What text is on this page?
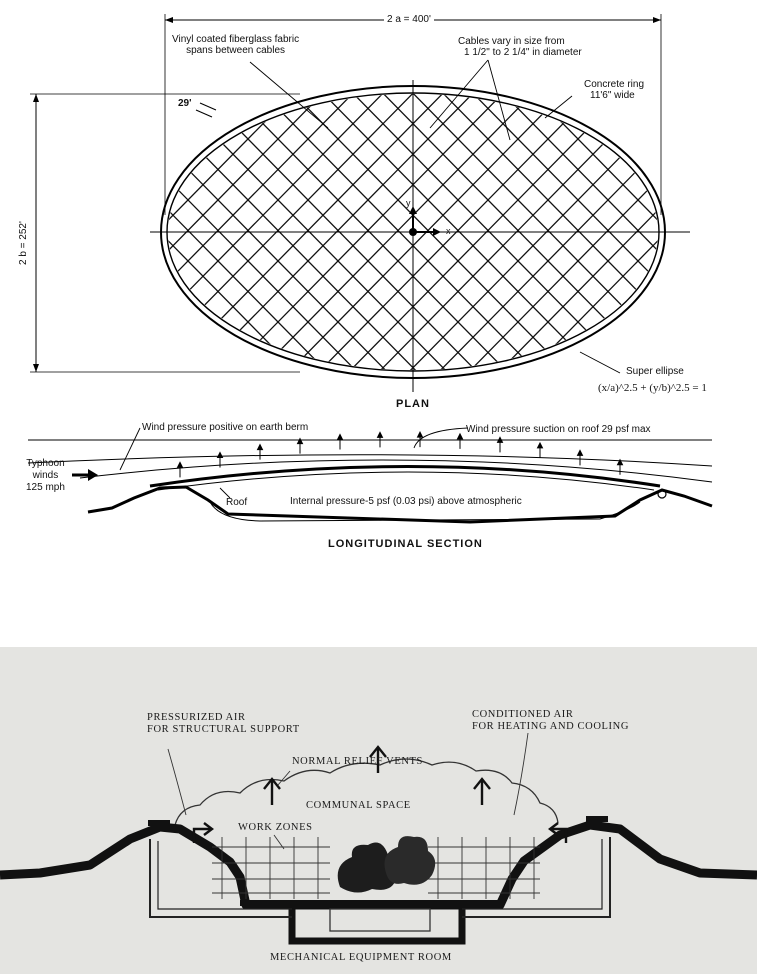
2 a = 400'
2 b = 252'
Vinyl coated fiberglass fabric
spans between cables
Cables vary in size from
1 1/2" to 2 1/4" in diameter
Concrete ring
11'6" wide
29'
y
x
PLAN
Super ellipse
(x/a)^2.5 + (y/b)^2.5 = 1
Wind pressure positive on earth berm	Wind pressure suction on roof 29 psf max
Typhoon
winds
125 mph
Roof	Internal pressure-5 psf (0.03 psi) above atmospheric
LONGITUDINAL SECTION
PRESSURIZED AIR
FOR STRUCTURAL SUPPORT
CONDITIONED AIR
FOR HEATING AND COOLING
NORMAL RELIEF VENTS
COMMUNAL SPACE
WORK ZONES
MECHANICAL EQUIPMENT ROOM
